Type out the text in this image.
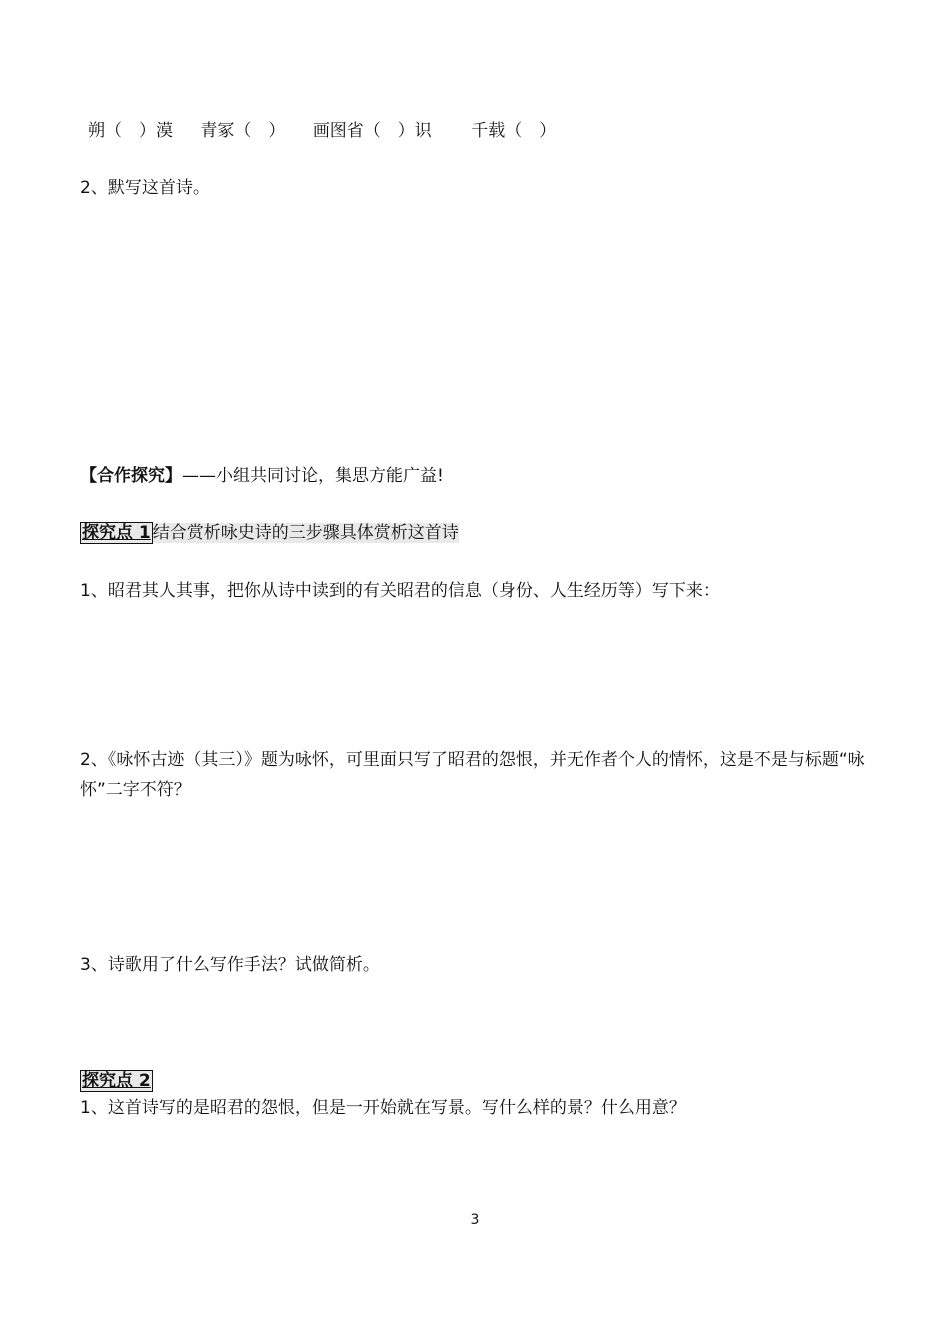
朔（　）漠 青冢（　） 画图省（　）识 千载（　）
2、默写这首诗。
【合作探究】——小组共同讨论，集思方能广益!
探究点 1 结合赏析咏史诗的三步骤具体赏析这首诗
1、昭君其人其事，把你从诗中读到的有关昭君的信息（身份、人生经历等）写下来：
2、《咏怀古迹（其三）》题为咏怀，可里面只写了昭君的怨恨，并无作者个人的情怀，这是不是与标题“咏怀”二字不符？
3、诗歌用了什么写作手法？试做简析。
探究点 2
1、这首诗写的是昭君的怨恨，但是一开始就在写景。写什么样的景？什么用意？
3
